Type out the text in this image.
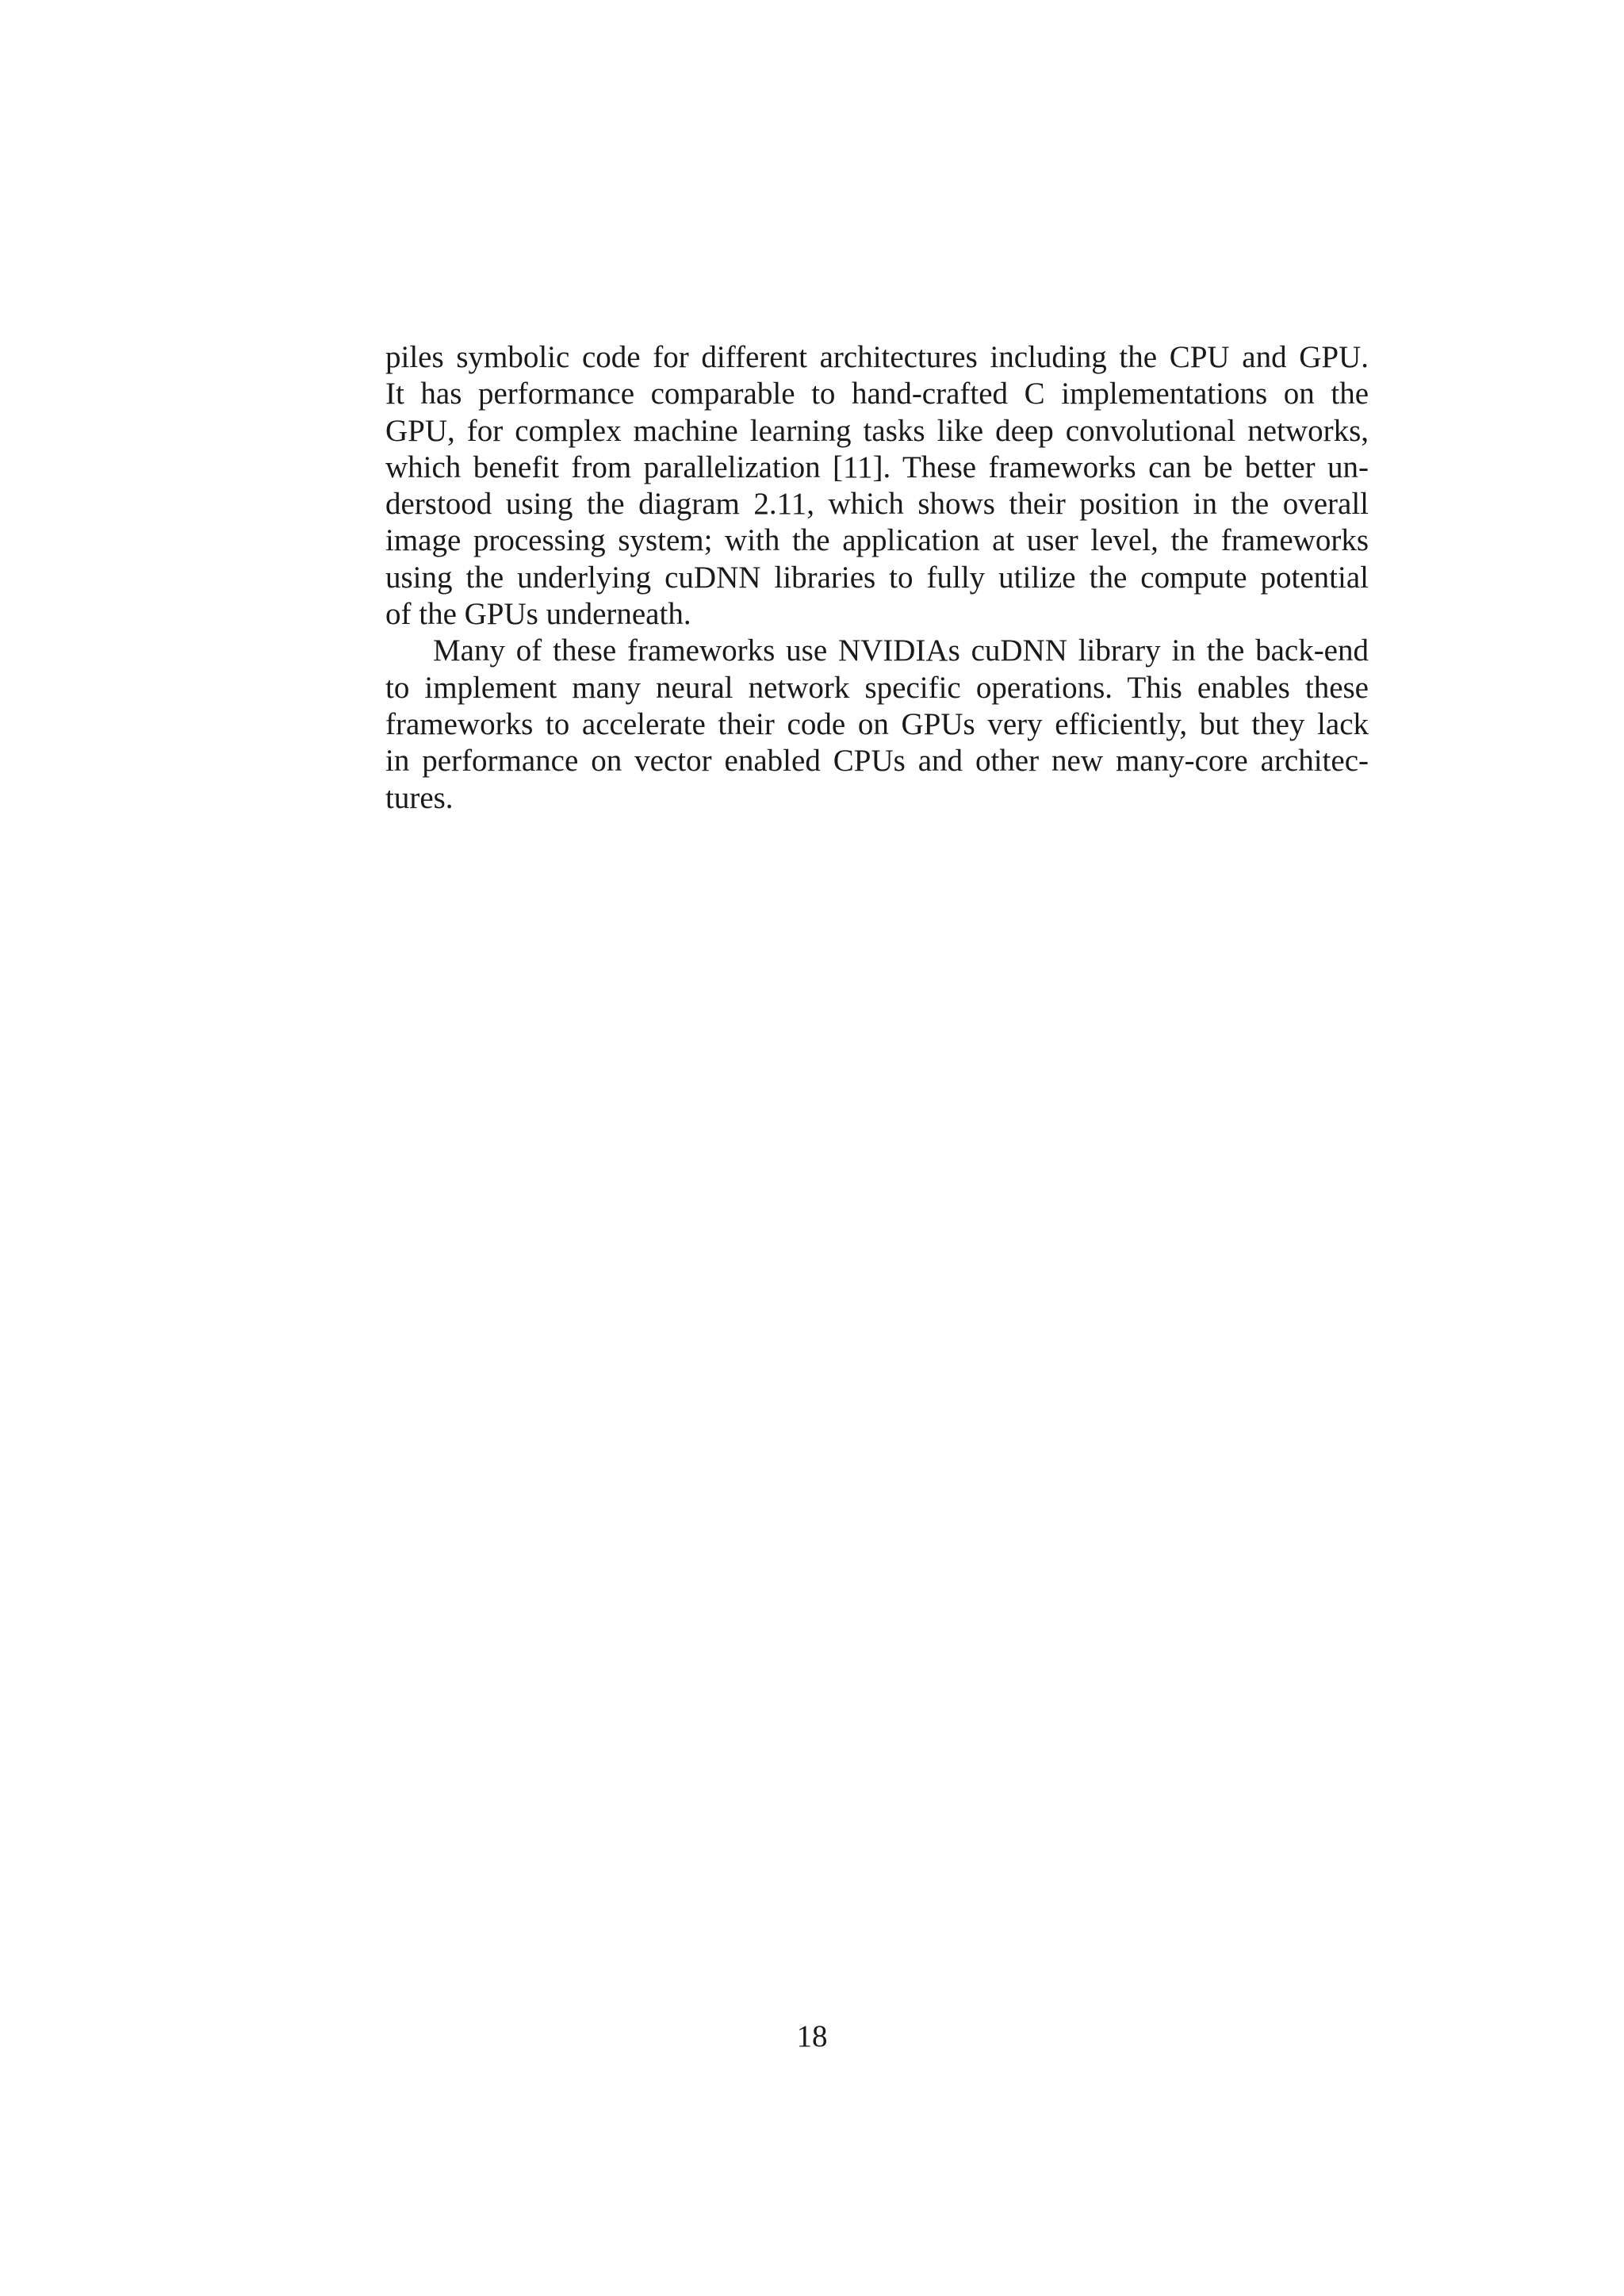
piles symbolic code for different architectures including the CPU and GPU.
It has performance comparable to hand-crafted C implementations on the
GPU, for complex machine learning tasks like deep convolutional networks,
which benefit from parallelization [11]. These frameworks can be better un-
derstood using the diagram 2.11, which shows their position in the overall
image processing system; with the application at user level, the frameworks
using the underlying cuDNN libraries to fully utilize the compute potential
of the GPUs underneath.
Many of these frameworks use NVIDIAs cuDNN library in the back-end
to implement many neural network specific operations. This enables these
frameworks to accelerate their code on GPUs very efficiently, but they lack
in performance on vector enabled CPUs and other new many-core architec-
tures.
18
